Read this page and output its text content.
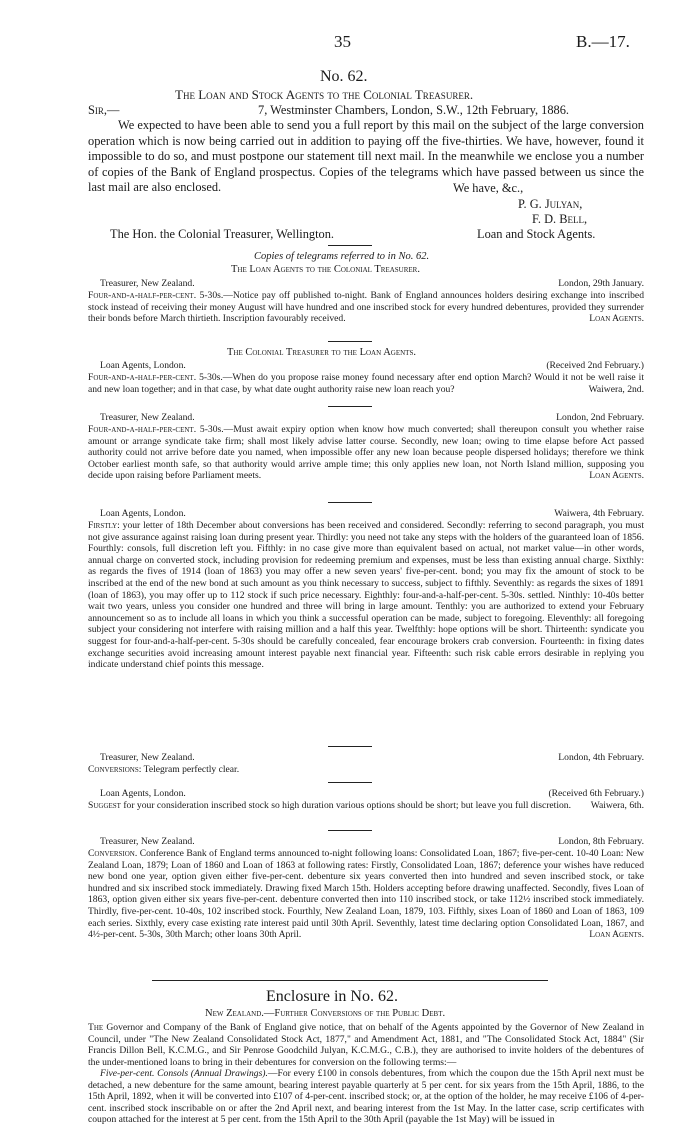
35	B.—17.
No. 62.
The Loan and Stock Agents to the Colonial Treasurer.
Sir,—	7, Westminster Chambers, London, S.W., 12th February, 1886.
We expected to have been able to send you a full report by this mail on the subject of the large conversion operation which is now being carried out in addition to paying off the five-thirties. We have, however, found it impossible to do so, and must postpone our statement till next mail. In the meanwhile we enclose you a number of copies of the Bank of England prospectus. Copies of the telegrams which have passed between us since the last mail are also enclosed.	We have, &c.,
P. G. Julyan,
F. D. Bell,
The Hon. the Colonial Treasurer, Wellington.	Loan and Stock Agents.
Copies of telegrams referred to in No. 62.
The Loan Agents to the Colonial Treasurer.
Treasurer, New Zealand.	London, 29th January.
Four-and-a-half-per-cent. 5-30s.—Notice pay off published to-night. Bank of England announces holders desiring exchange into inscribed stock instead of receiving their money August will have hundred and one inscribed stock for every hundred debentures, provided they surrender their bonds before March thirtieth. Inscription favourably received.	Loan Agents.
The Colonial Treasurer to the Loan Agents.
Loan Agents, London.	(Received 2nd February.)
Four-and-a-half-per-cent. 5-30s.—When do you propose raise money found necessary after end option March? Would it not be well raise it and new loan together; and in that case, by what date ought authority raise new loan reach you?	Waiwera, 2nd.
Treasurer, New Zealand.	London, 2nd February.
Four-and-a-half-per-cent. 5-30s.—Must await expiry option when know how much converted; shall thereupon consult you whether raise amount or arrange syndicate take firm; shall most likely advise latter course. Secondly, new loan; owing to time elapse before Act passed authority could not arrive before date you named, when impossible offer any new loan because people dispersed holidays; therefore we think October earliest month safe, so that authority would arrive ample time; this only applies new loan, not North Island million, supposing you decide upon raising before Parliament meets.	Loan Agents.
Loan Agents, London.	Waiwera, 4th February.
Firstly: your letter of 18th December about conversions has been received and considered. Secondly: referring to second paragraph, you must not give assurance against raising loan during present year. Thirdly: you need not take any steps with the holders of the guaranteed loan of 1856. Fourthly: consols, full discretion left you. Fifthly: in no case give more than equivalent based on actual, not market value—in other words, annual charge on converted stock, including provision for redeeming premium and expenses, must be less than existing annual charge. Sixthly: as regards the fives of 1914 (loan of 1863) you may offer a new seven years' five-per-cent. bond; you may fix the amount of stock to be inscribed at the end of the new bond at such amount as you think necessary to success, subject to fifthly. Seventhly: as regards the sixes of 1891 (loan of 1863), you may offer up to 112 stock if such price necessary. Eighthly: four-and-a-half-per-cent. 5-30s. settled. Ninthly: 10-40s better wait two years, unless you consider one hundred and three will bring in large amount. Tenthly: you are authorized to extend your February announcement so as to include all loans in which you think a successful operation can be made, subject to foregoing. Eleventhly: all foregoing subject your considering not interfere with raising million and a half this year. Twelfthly: hope options will be short. Thirteenth: syndicate you suggest for four-and-a-half-per-cent. 5-30s should be carefully concealed, fear encourage brokers crab conversion. Fourteenth: in fixing dates exchange securities avoid increasing amount interest payable next financial year. Fifteenth: such risk cable errors desirable in replying you indicate understand chief points this message.
Treasurer, New Zealand.	London, 4th February.
Conversions: Telegram perfectly clear.
Loan Agents, London.	(Received 6th February.)
Suggest for your consideration inscribed stock so high duration various options should be short; but leave you full discretion.	Waiwera, 6th.
Treasurer, New Zealand.	London, 8th February.
Conversion. Conference Bank of England terms announced to-night following loans: Consolidated Loan, 1867; five-per-cent. 10-40 Loan: New Zealand Loan, 1879; Loan of 1860 and Loan of 1863 at following rates: Firstly, Consolidated Loan, 1867; deference your wishes have reduced new bond one year, option given either five-per-cent. debenture six years converted then into hundred and seven inscribed stock, or take hundred and six inscribed stock immediately. Drawing fixed March 15th. Holders accepting before drawing unaffected. Secondly, fives Loan of 1863, option given either six years five-per-cent. debenture converted then into 110 inscribed stock, or take 112½ inscribed stock immediately. Thirdly, five-per-cent. 10-40s, 102 inscribed stock. Fourthly, New Zealand Loan, 1879, 103. Fifthly, sixes Loan of 1860 and Loan of 1863, 109 each series. Sixthly, every case existing rate interest paid until 30th April. Seventhly, latest time declaring option Consolidated Loan, 1867, and 4½-per-cent. 5-30s, 30th March; other loans 30th April.	Loan Agents.
Enclosure in No. 62.
New Zealand.—Further Conversions of the Public Debt.
The Governor and Company of the Bank of England give notice, that on behalf of the Agents appointed by the Governor of New Zealand in Council, under "The New Zealand Consolidated Stock Act, 1877," and Amendment Act, 1881, and "The Consolidated Stock Act, 1884" (Sir Francis Dillon Bell, K.C.M.G., and Sir Penrose Goodchild Julyan, K.C.M.G., C.B.), they are authorised to invite holders of the debentures of the under-mentioned loans to bring in their debentures for conversion on the following terms:—
Five-per-cent. Consols (Annual Drawings).—For every £100 in consols debentures, from which the coupon due the 15th April next must be detached, a new debenture for the same amount, bearing interest payable quarterly at 5 per cent. for six years from the 15th April, 1886, to the 15th April, 1892, when it will be converted into £107 of 4-per-cent. inscribed stock; or, at the option of the holder, he may receive £106 of 4-per-cent. inscribed stock inscribable on or after the 2nd April next, and bearing interest from the 1st May. In the latter case, scrip certificates with coupon attached for the interest at 5 per cent. from the 15th April to the 30th April (payable the 1st May) will be issued in
